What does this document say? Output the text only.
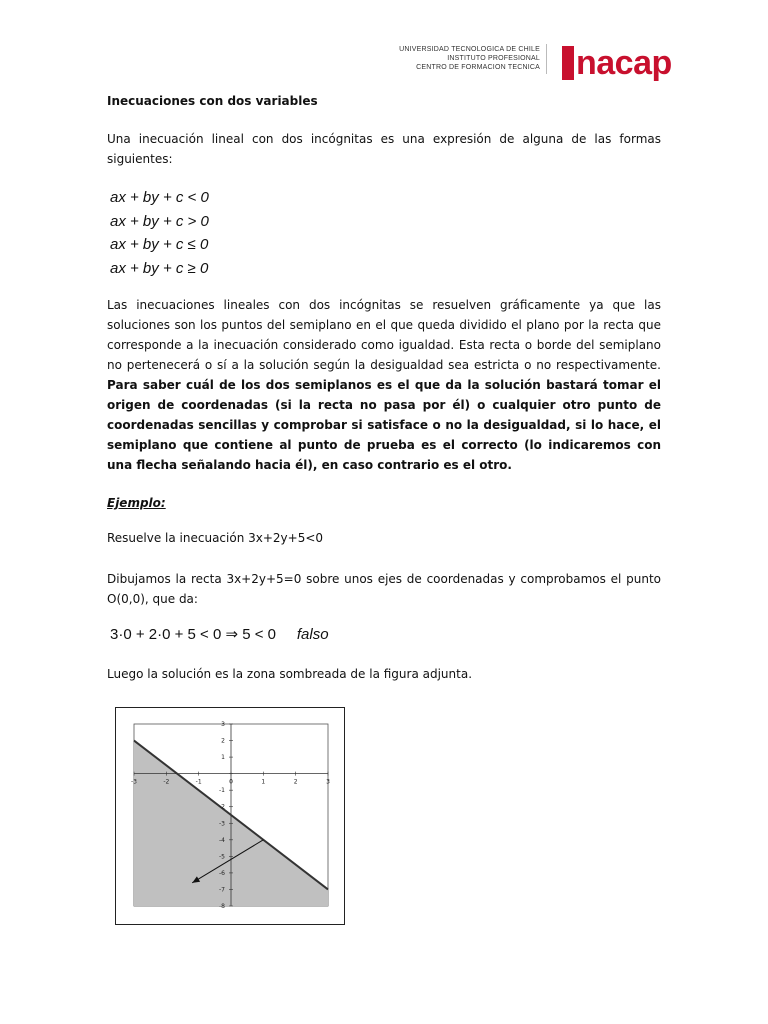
UNIVERSIDAD TECNOLOGICA DE CHILE
INSTITUTO PROFESIONAL
CENTRO DE FORMACION TECNICA nacap
Inecuaciones con dos variables
Una inecuación lineal con dos incógnitas es una expresión de alguna de las formas siguientes:
ax + by + c < 0
ax + by + c > 0
ax + by + c ≤ 0
ax + by + c ≥ 0
Las inecuaciones lineales con dos incógnitas se resuelven gráficamente ya que las soluciones son los puntos del semiplano en el que queda dividido el plano por la recta que corresponde a la inecuación considerado como igualdad. Esta recta o borde del semiplano no pertenecerá o sí a la solución según la desigualdad sea estricta o no respectivamente. Para saber cuál de los dos semiplanos es el que da la solución bastará tomar el origen de coordenadas (si la recta no pasa por él) o cualquier otro punto de coordenadas sencillas y comprobar si satisface o no la desigualdad, si lo hace, el semiplano que contiene al punto de prueba es el correcto (lo indicaremos con una flecha señalando hacia él), en caso contrario es el otro.
Ejemplo:
Resuelve la inecuación 3x+2y+5<0
Dibujamos la recta 3x+2y+5=0 sobre unos ejes de coordenadas y comprobamos el punto O(0,0), que da:
3·0 + 2·0 + 5 < 0 ⇒ 5 < 0 falso
Luego la solución es la zona sombreada de la figura adjunta.
-3	-2	-1	0	1	2	3
3
2
1
-1
-2
-3
-4
-5
-6
-7
-8
